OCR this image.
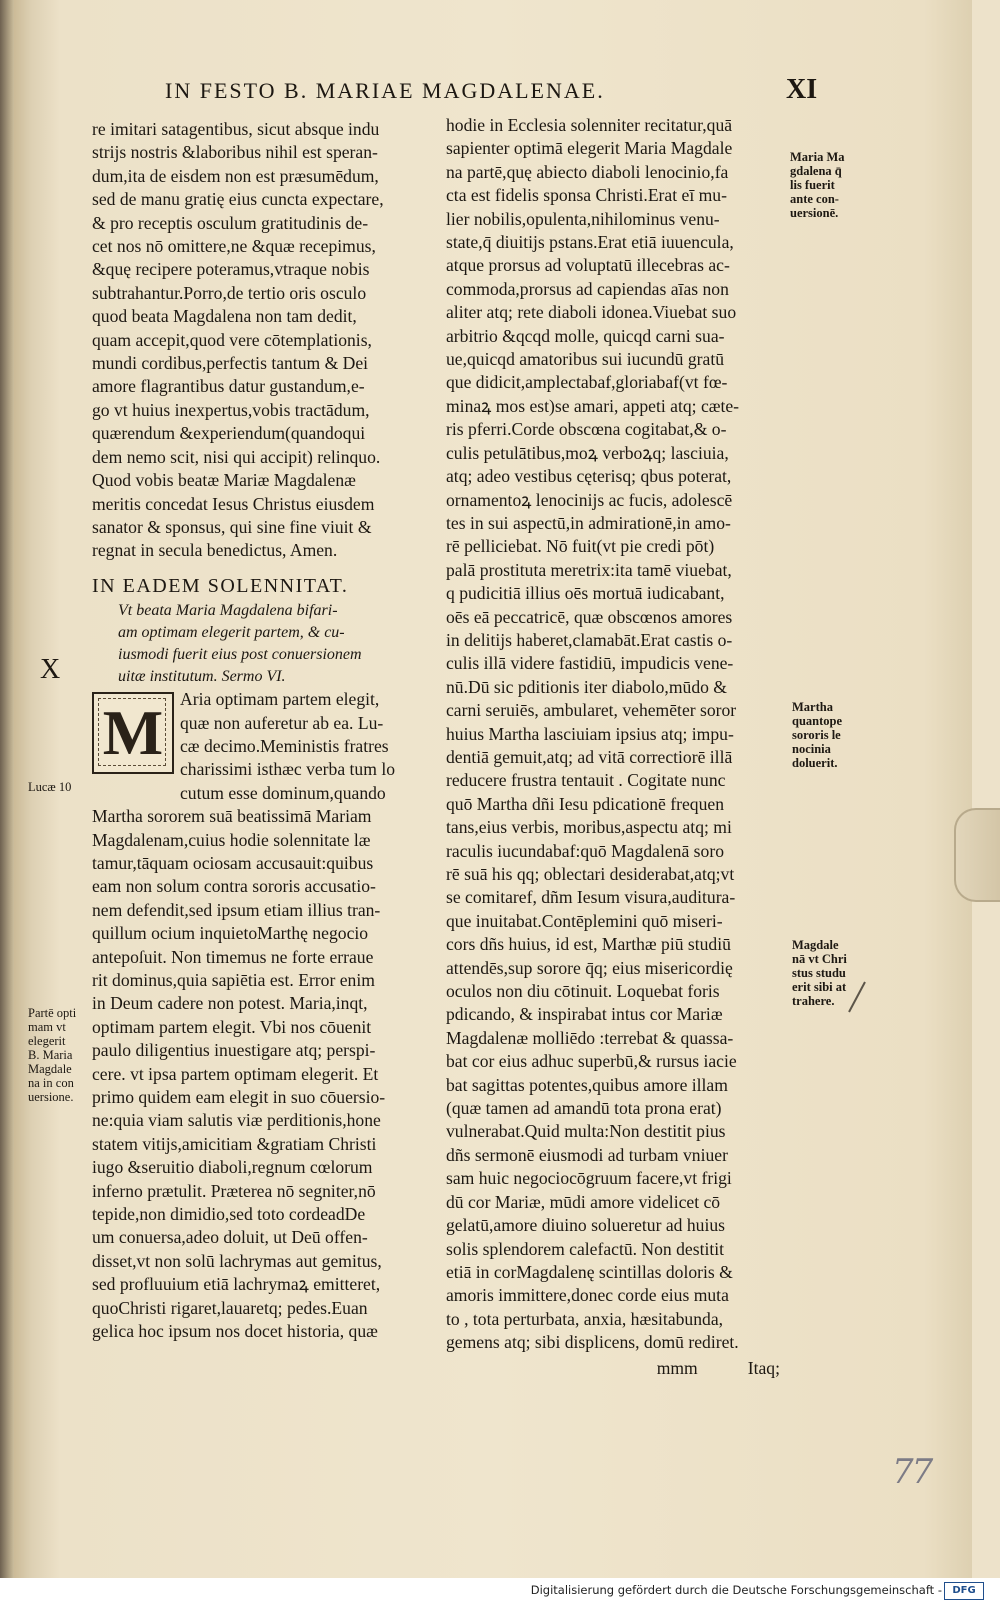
IN FESTO B. MARIAE MAGDALENAE.	XI
re imitari satagentibus, sicut absque indu
strijs nostris &laboribus nihil est speran-
dum,ita de eisdem non est præsumēdum,
sed de manu gratię eius cuncta expectare,
& pro receptis osculum gratitudinis de-
cet nos nō omittere,ne &quæ recepimus,
&quę recipere poteramus,vtraque nobis
subtrahantur.Porro,de tertio oris osculo
quod beata Magdalena non tam dedit,
quam accepit,quod vere cōtemplationis,
mundi cordibus,perfectis tantum & Dei
amore flagrantibus datur gustandum,e-
go vt huius inexpertus,vobis tractādum,
quærendum &experiendum(quandoqui
dem nemo scit, nisi qui accipit) relinquo.
Quod vobis beatæ Mariæ Magdalenæ
meritis concedat Iesus Christus eiusdem
sanator & sponsus, qui sine fine viuit &
regnat in secula benedictus, Amen.
IN EADEM SOLENNITAT.
Vt beata Maria Magdalena bifari-
am optimam elegerit partem, & cu-
iusmodi fuerit eius post conuersionem
uitæ institutum. Sermo VI.
M Aria optimam partem elegit,
quæ non auferetur ab ea. Lu-
cæ decimo.Meministis fratres
charissimi isthæc verba tum lo
cutum esse dominum,quando
Martha sororem suā beatissimā Mariam
Magdalenam,cuius hodie solennitate læ
tamur,tāquam ociosam accusauit:quibus
eam non solum contra sororis accusatio-
nem defendit,sed ipsum etiam illius tran-
quillum ocium inquietoMarthę negocio
antepoſuit. Non timemus ne forte erraue
rit dominus,quia sapiētia est. Error enim
in Deum cadere non potest. Maria,inqt,
optimam partem elegit. Vbi nos cōuenit
paulo diligentius inuestigare atq; perspi-
cere. vt ipsa partem optimam elegerit. Et
primo quidem eam elegit in suo cōuersio-
ne:quia viam salutis viæ perditionis,hone
statem vitijs,amicitiam &gratiam Christi
iugo &seruitio diaboli,regnum cœlorum
inferno prætulit. Præterea nō segniter,nō
tepide,non dimidio,sed toto cordeadDe
um conuersa,adeo doluit, ut Deū offen-
disset,vt non solū lachrymas aut gemitus,
sed profluuium etiā lachrymaꝝ emitteret,
quoChristi rigaret,lauaretq; pedes.Euan
gelica hoc ipsum nos docet historia, quæ
hodie in Ecclesia solenniter recitatur,quā
sapienter optimā elegerit Maria Magdale
na partē,quę abiecto diaboli lenocinio,fa
cta est fidelis sponsa Christi.Erat eī mu-
lier nobilis,opulenta,nihilominus venu-
state,q̄ diuitijs pstans.Erat etiā iuuencula,
atque prorsus ad voluptatū illecebras ac-
commoda,prorsus ad capiendas aīas non
aliter atq; rete diaboli idonea.Viuebat suo
arbitrio &qcqd molle, quicqd carni sua-
ue,quicqd amatoribus sui iucundū gratū
que didicit,amplectabaf,gloriabaf(vt fœ-
minaꝝ mos est)se amari, appeti atq; cæte-
ris pferri.Corde obscœna cogitabat,& o-
culis petulātibus,moꝝ verboꝝq; lasciuia,
atq; adeo vestibus cęterisq; qbus poterat,
ornamentoꝝ lenocinijs ac fucis, adolescē
tes in sui aspectū,in admirationē,in amo-
rē pelliciebat. Nō fuit(vt pie credi pōt)
palā prostituta meretrix:ita tamē viuebat,
q pudicitiā illius oēs mortuā iudicabant,
oēs eā peccatricē, quæ obscœnos amores
in delitijs haberet,clamabāt.Erat castis o-
culis illā videre fastidiū, impudicis vene-
nū.Dū sic pditionis iter diabolo,mūdo &
carni seruiēs, ambularet, vehemēter soror
huius Martha lasciuiam ipsius atq; impu-
dentiā gemuit,atq; ad vitā correctiorē illā
reducere frustra tentauit . Cogitate nunc
quō Martha dñi Iesu pdicationē frequen
tans,eius verbis, moribus,aspectu atq; mi
raculis iucundabaf:quō Magdalenā soro
rē suā his qq; oblectari desiderabat,atq;vt
se comitaref, dñm Iesum visura,auditura-
que inuitabat.Contēplemini quō miseri-
cors dñs huius, id est, Marthæ piū studiū
attendēs,sup sorore q̄q; eius misericordię
oculos non diu cōtinuit. Loquebat foris
pdicando, & inspirabat intus cor Mariæ
Magdalenæ molliēdo :terrebat & quassa-
bat cor eius adhuc superbū,& rursus iacie
bat sagittas potentes,quibus amore illam
(quæ tamen ad amandū tota prona erat)
vulnerabat.Quid multa:Non destitit pius
dñs sermonē eiusmodi ad turbam vniuer
sam huic negociocōgruum facere,vt frigi
dū cor Mariæ, mūdi amore videlicet cō
gelatū,amore diuino solueretur ad huius
solis splendorem calefactū. Non destitit
etiā in corMagdalenę scintillas doloris &
amoris immittere,donec corde eius muta
to , tota perturbata, anxia, hæsitabunda,
gemens atq; sibi displicens, domū rediret.
mmm	Itaq;
Maria Ma
gdalena q̄
lis fuerit
ante con-
uersionē.
Martha
quantope
sororis le
nocinia
doluerit.
Magdale
nā vt Chri
stus studu
erit sibi at
trahere.
Lucæ 10
Partē opti
mam vt
elegerit
B. Maria
Magdale
na in con
uersione.
X
77
Digitalisierung gefördert durch die Deutsche Forschungsgemeinschaft -	DFG
